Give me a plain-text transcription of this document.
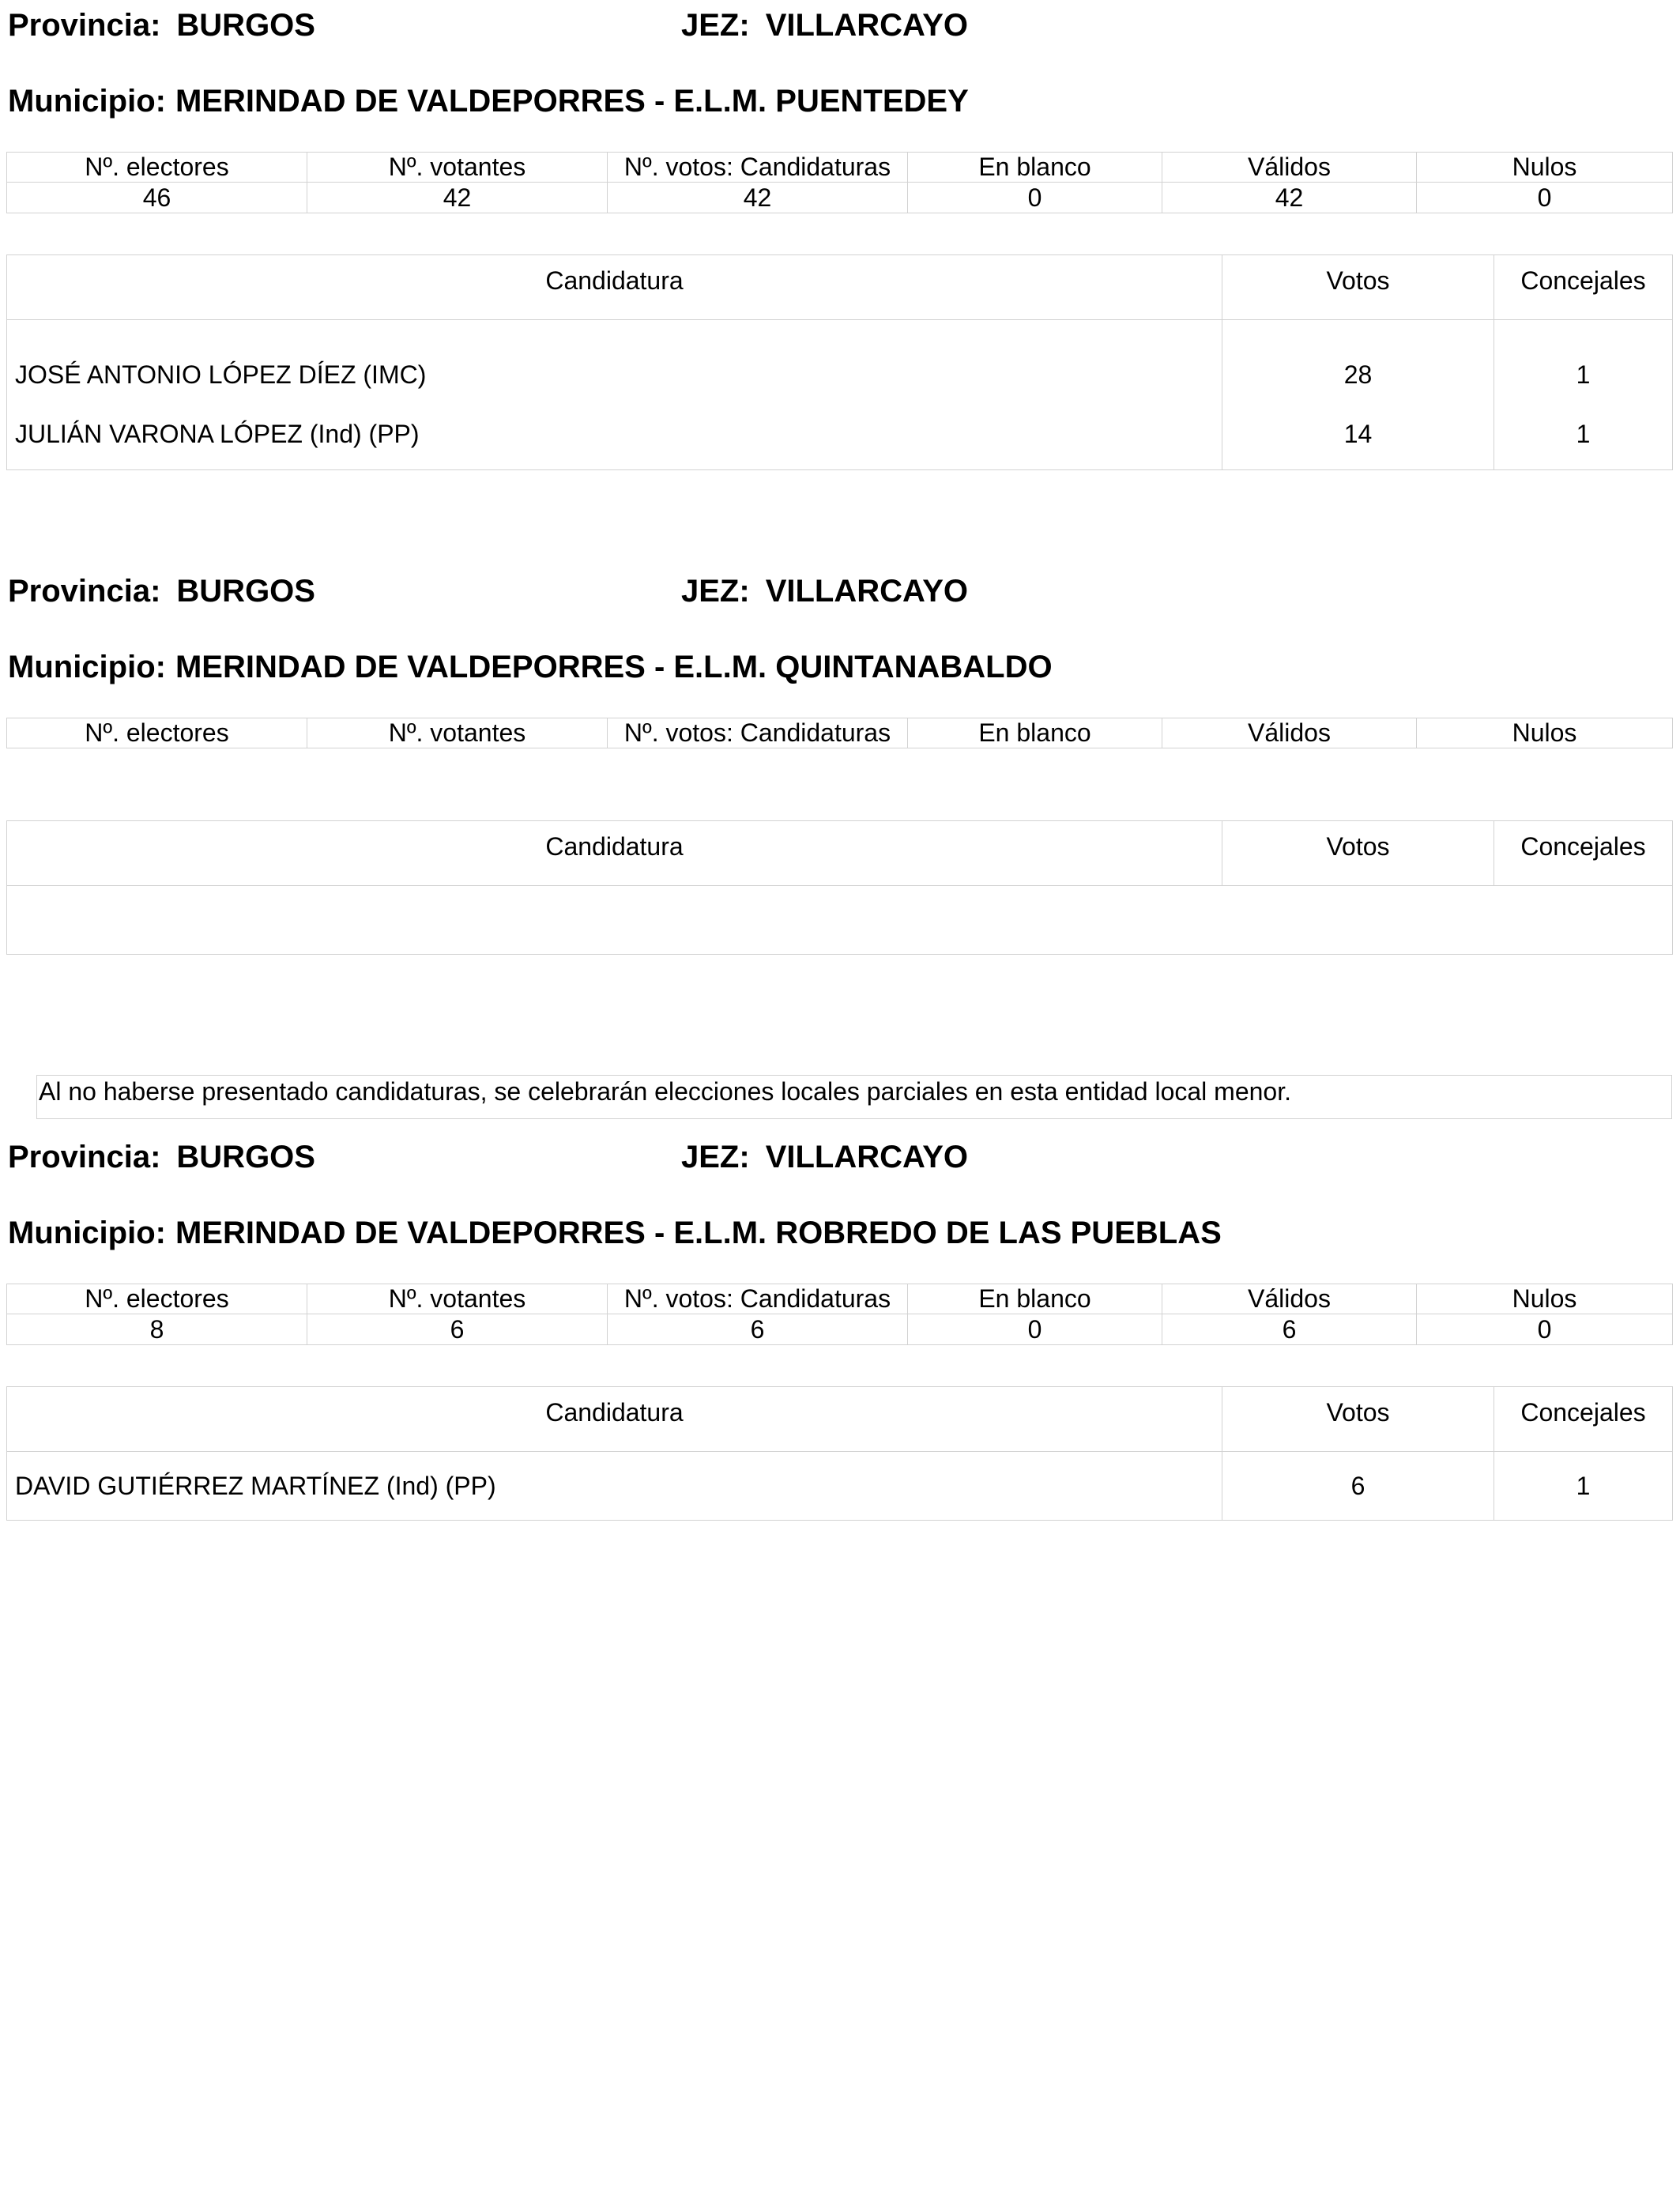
Provincia: BURGOS	JEZ: VILLARCAYO
Municipio: MERINDAD DE VALDEPORRES - E.L.M. PUENTEDEY
Nº. electores	Nº. votantes	Nº. votos: Candidaturas	En blanco	Válidos	Nulos
46	42	42	0	42	0
Candidatura	Votos	Concejales
JOSÉ ANTONIO LÓPEZ DÍEZ (IMC)	28	1
JULIÁN VARONA LÓPEZ (Ind) (PP)	14	1
Provincia: BURGOS	JEZ: VILLARCAYO
Municipio: MERINDAD DE VALDEPORRES - E.L.M. QUINTANABALDO
Nº. electores	Nº. votantes	Nº. votos: Candidaturas	En blanco	Válidos	Nulos
Candidatura	Votos	Concejales

Al no haberse presentado candidaturas, se celebrarán elecciones locales parciales en esta entidad local menor.
Provincia: BURGOS	JEZ: VILLARCAYO
Municipio: MERINDAD DE VALDEPORRES - E.L.M. ROBREDO DE LAS PUEBLAS
Nº. electores	Nº. votantes	Nº. votos: Candidaturas	En blanco	Válidos	Nulos
8	6	6	0	6	0
Candidatura	Votos	Concejales
DAVID GUTIÉRREZ MARTÍNEZ (Ind) (PP)	6	1
